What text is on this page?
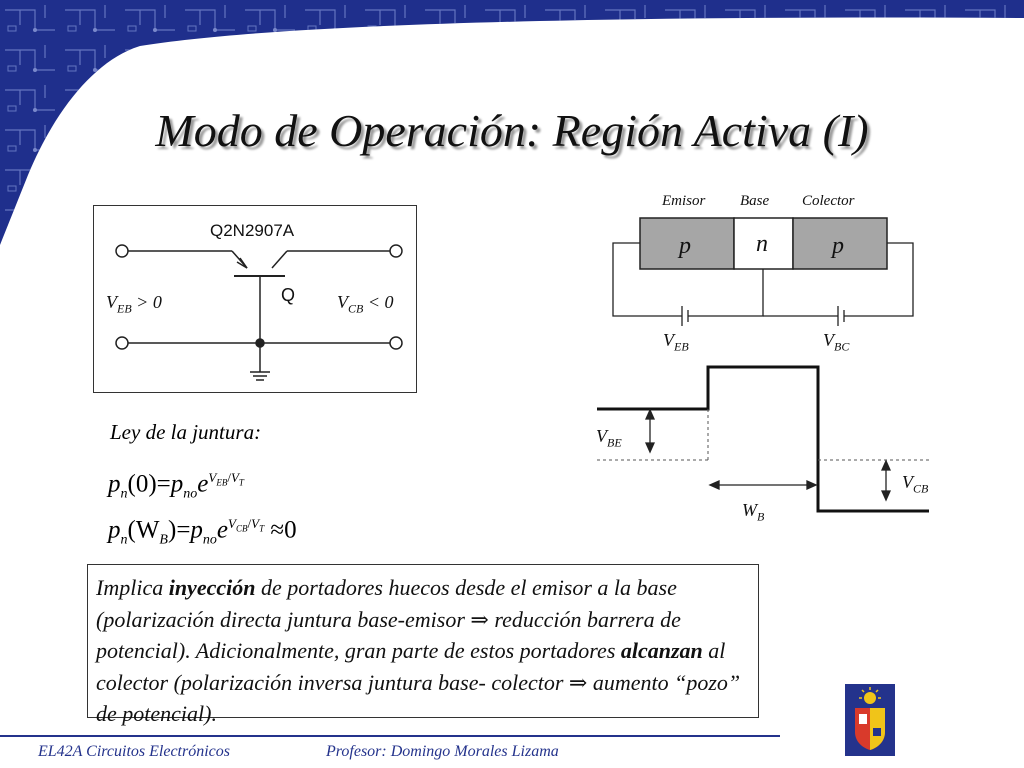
Modo de Operación: Región Activa (I)
Q2N2907A
Q
$V_{EB} > 0$	$V_{CB} < 0$
Emisor Base Colector
p	n	p
$V_{EB}$	$V_{BC}$
$V_{BE}$
$V_{CB}$
$W_B$
Ley de la juntura:
$p_n(0)=p_{no}e^{V_{EB}/V_T}$
$p_n(W_B)=p_{no}e^{V_{CB}/V_T} \approx 0$
Implica inyección de portadores huecos desde el emisor a la base (polarización directa juntura base-emisor ⇒ reducción barrera de potencial). Adicionalmente, gran parte de estos portadores alcanzan al colector (polarización inversa juntura base- colector ⇒ aumento “pozo” de potencial).
EL42A Circuitos Electrónicos	Profesor: Domingo Morales Lizama
